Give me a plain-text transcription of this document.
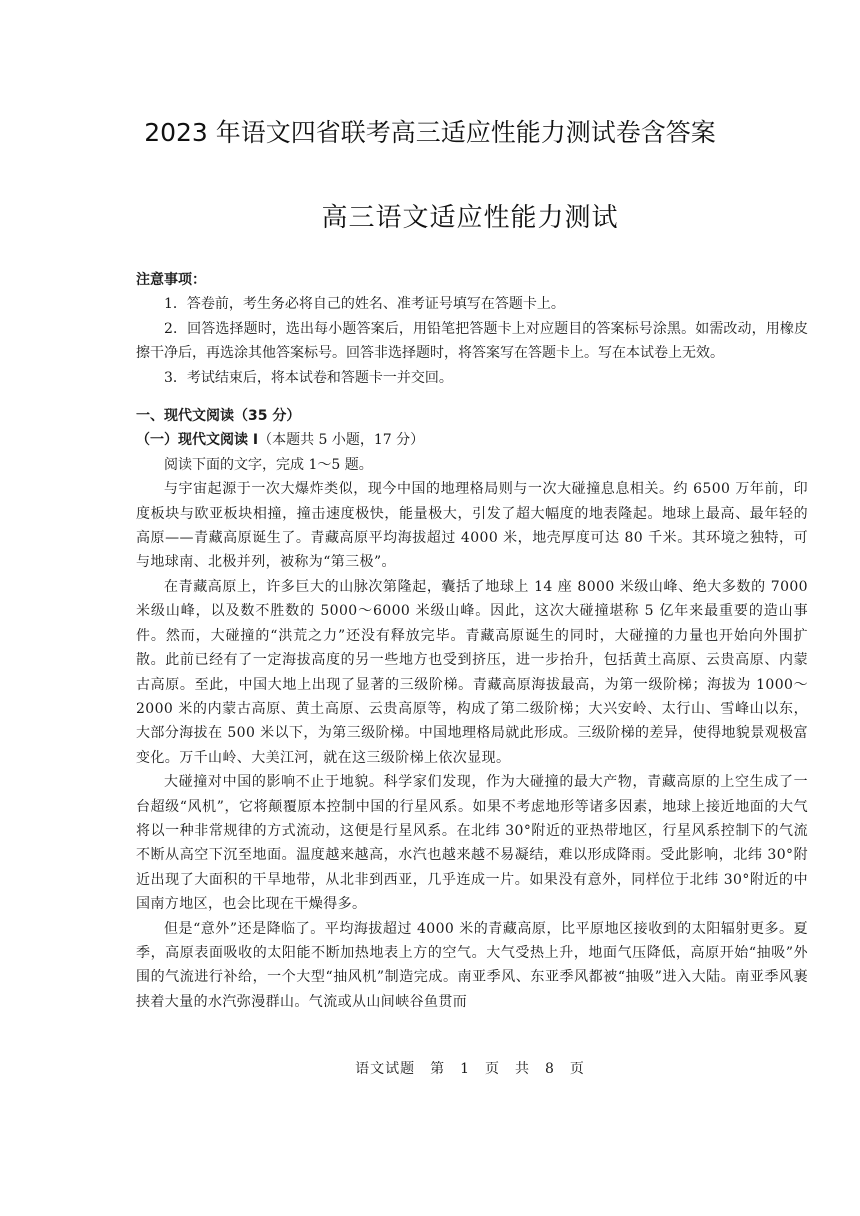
2023 年语文四省联考高三适应性能力测试卷含答案
高三语文适应性能力测试

注意事项：

1．答卷前，考生务必将自己的姓名、准考证号填写在答题卡上。

2．回答选择题时，选出每小题答案后，用铅笔把答题卡上对应题目的答案标号涂黑。如需改动，用橡皮擦干净后，再选涂其他答案标号。回答非选择题时，将答案写在答题卡上。写在本试卷上无效。

3．考试结束后，将本试卷和答题卡一并交回。

一、现代文阅读（35 分）

（一）现代文阅读 I（本题共 5 小题，17 分）

阅读下面的文字，完成 1～5 题。

与宇宙起源于一次大爆炸类似，现今中国的地理格局则与一次大碰撞息息相关。约 6500 万年前，印度板块与欧亚板块相撞，撞击速度极快，能量极大，引发了超大幅度的地表隆起。地球上最高、最年轻的高原——青藏高原诞生了。青藏高原平均海拔超过 4000 米，地壳厚度可达 80 千米。其环境之独特，可与地球南、北极并列，被称为“第三极”。

在青藏高原上，许多巨大的山脉次第隆起，囊括了地球上 14 座 8000 米级山峰、绝大多数的 7000 米级山峰，以及数不胜数的 5000～6000 米级山峰。因此，这次大碰撞堪称 5 亿年来最重要的造山事件。然而，大碰撞的“洪荒之力”还没有释放完毕。青藏高原诞生的同时，大碰撞的力量也开始向外围扩散。此前已经有了一定海拔高度的另一些地方也受到挤压，进一步抬升，包括黄土高原、云贵高原、内蒙古高原。至此，中国大地上出现了显著的三级阶梯。青藏高原海拔最高，为第一级阶梯；海拔为 1000～2000 米的内蒙古高原、黄土高原、云贵高原等，构成了第二级阶梯；大兴安岭、太行山、雪峰山以东，大部分海拔在 500 米以下，为第三级阶梯。中国地理格局就此形成。三级阶梯的差异，使得地貌景观极富变化。万千山岭、大美江河，就在这三级阶梯上依次显现。

大碰撞对中国的影响不止于地貌。科学家们发现，作为大碰撞的最大产物，青藏高原的上空生成了一台超级“风机”，它将颠覆原本控制中国的行星风系。如果不考虑地形等诸多因素，地球上接近地面的大气将以一种非常规律的方式流动，这便是行星风系。在北纬 30°附近的亚热带地区，行星风系控制下的气流不断从高空下沉至地面。温度越来越高，水汽也越来越不易凝结，难以形成降雨。受此影响，北纬 30°附近出现了大面积的干旱地带，从北非到西亚，几乎连成一片。如果没有意外，同样位于北纬 30°附近的中国南方地区，也会比现在干燥得多。

但是“意外”还是降临了。平均海拔超过 4000 米的青藏高原，比平原地区接收到的太阳辐射更多。夏季，高原表面吸收的太阳能不断加热地表上方的空气。大气受热上升，地面气压降低，高原开始“抽吸”外围的气流进行补给，一个大型“抽风机”制造完成。南亚季风、东亚季风都被“抽吸”进入大陆。南亚季风裹挟着大量的水汽弥漫群山。气流或从山间峡谷鱼贯而

语文试题　第　1　页　共　8　页
